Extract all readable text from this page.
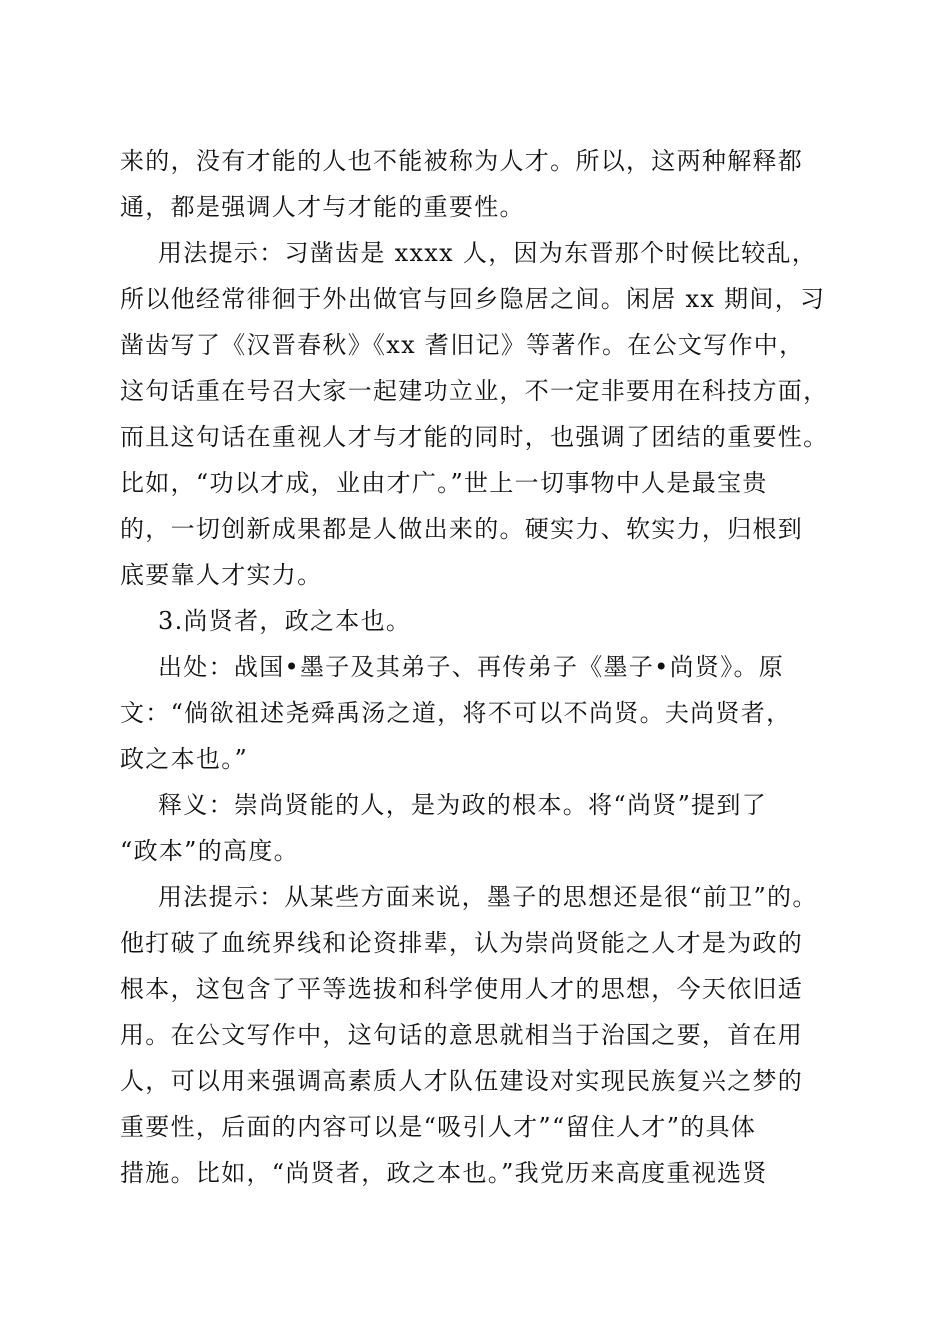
来的，没有才能的人也不能被称为人才。所以，这两种解释都
通，都是强调人才与才能的重要性。
用法提示：习凿齿是 xxxx 人，因为东晋那个时候比较乱，
所以他经常徘徊于外出做官与回乡隐居之间。闲居 xx 期间，习
凿齿写了《汉晋春秋》《xx 耆旧记》等著作。在公文写作中，
这句话重在号召大家一起建功立业，不一定非要用在科技方面，
而且这句话在重视人才与才能的同时，也强调了团结的重要性。
比如，“功以才成，业由才广。”世上一切事物中人是最宝贵
的，一切创新成果都是人做出来的。硬实力、软实力，归根到
底要靠人才实力。
3.尚贤者，政之本也。
出处：战国•墨子及其弟子、再传弟子《墨子•尚贤》。原
文：“倘欲祖述尧舜禹汤之道，将不可以不尚贤。夫尚贤者，
政之本也。”
释义：崇尚贤能的人，是为政的根本。将“尚贤”提到了
“政本”的高度。
用法提示：从某些方面来说，墨子的思想还是很“前卫”的。
他打破了血统界线和论资排辈，认为崇尚贤能之人才是为政的
根本，这包含了平等选拔和科学使用人才的思想，今天依旧适
用。在公文写作中，这句话的意思就相当于治国之要，首在用
人，可以用来强调高素质人才队伍建设对实现民族复兴之梦的
重要性，后面的内容可以是“吸引人才”“留住人才”的具体
措施。比如，“尚贤者，政之本也。”我党历来高度重视选贤
